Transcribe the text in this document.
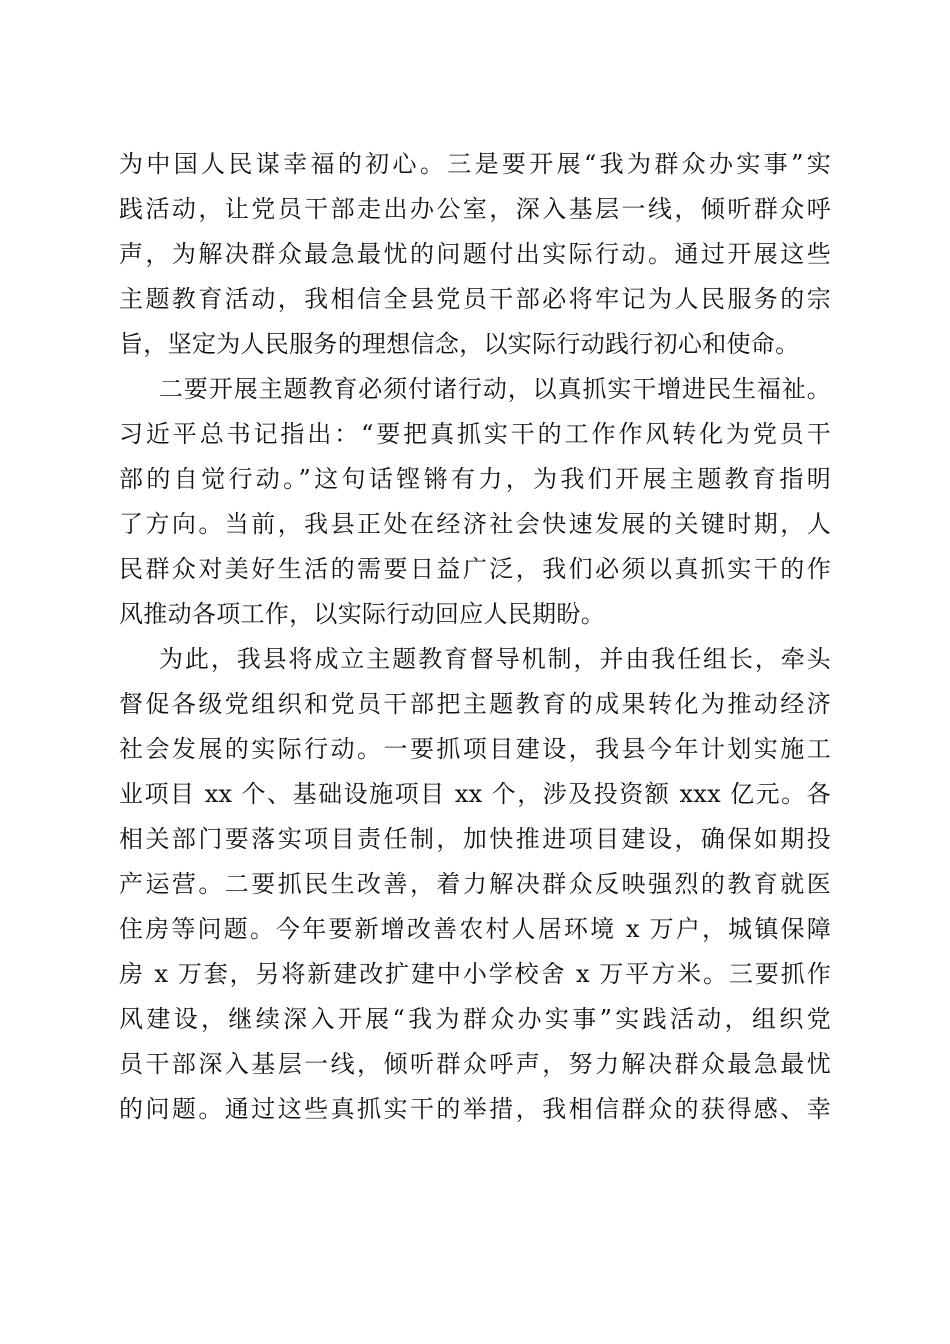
为中国人民谋幸福的初心。三是要开展“我为群众办实事”实
践活动，让党员干部走出办公室，深入基层一线，倾听群众呼
声，为解决群众最急最忧的问题付出实际行动。通过开展这些
主题教育活动，我相信全县党员干部必将牢记为人民服务的宗
旨，坚定为人民服务的理想信念，以实际行动践行初心和使命。
二要开展主题教育必须付诸行动，以真抓实干增进民生福祉。
习近平总书记指出：“要把真抓实干的工作作风转化为党员干
部的自觉行动。”这句话铿锵有力，为我们开展主题教育指明
了方向。当前，我县正处在经济社会快速发展的关键时期，人
民群众对美好生活的需要日益广泛，我们必须以真抓实干的作
风推动各项工作，以实际行动回应人民期盼。
为此，我县将成立主题教育督导机制，并由我任组长，牵头
督促各级党组织和党员干部把主题教育的成果转化为推动经济
社会发展的实际行动。一要抓项目建设，我县今年计划实施工
业项目 xx 个、基础设施项目 xx 个，涉及投资额 xxx 亿元。各
相关部门要落实项目责任制，加快推进项目建设，确保如期投
产运营。二要抓民生改善，着力解决群众反映强烈的教育就医
住房等问题。今年要新增改善农村人居环境 x 万户，城镇保障
房 x 万套，另将新建改扩建中小学校舍 x 万平方米。三要抓作
风建设，继续深入开展“我为群众办实事”实践活动，组织党
员干部深入基层一线，倾听群众呼声，努力解决群众最急最忧
的问题。通过这些真抓实干的举措，我相信群众的获得感、幸
